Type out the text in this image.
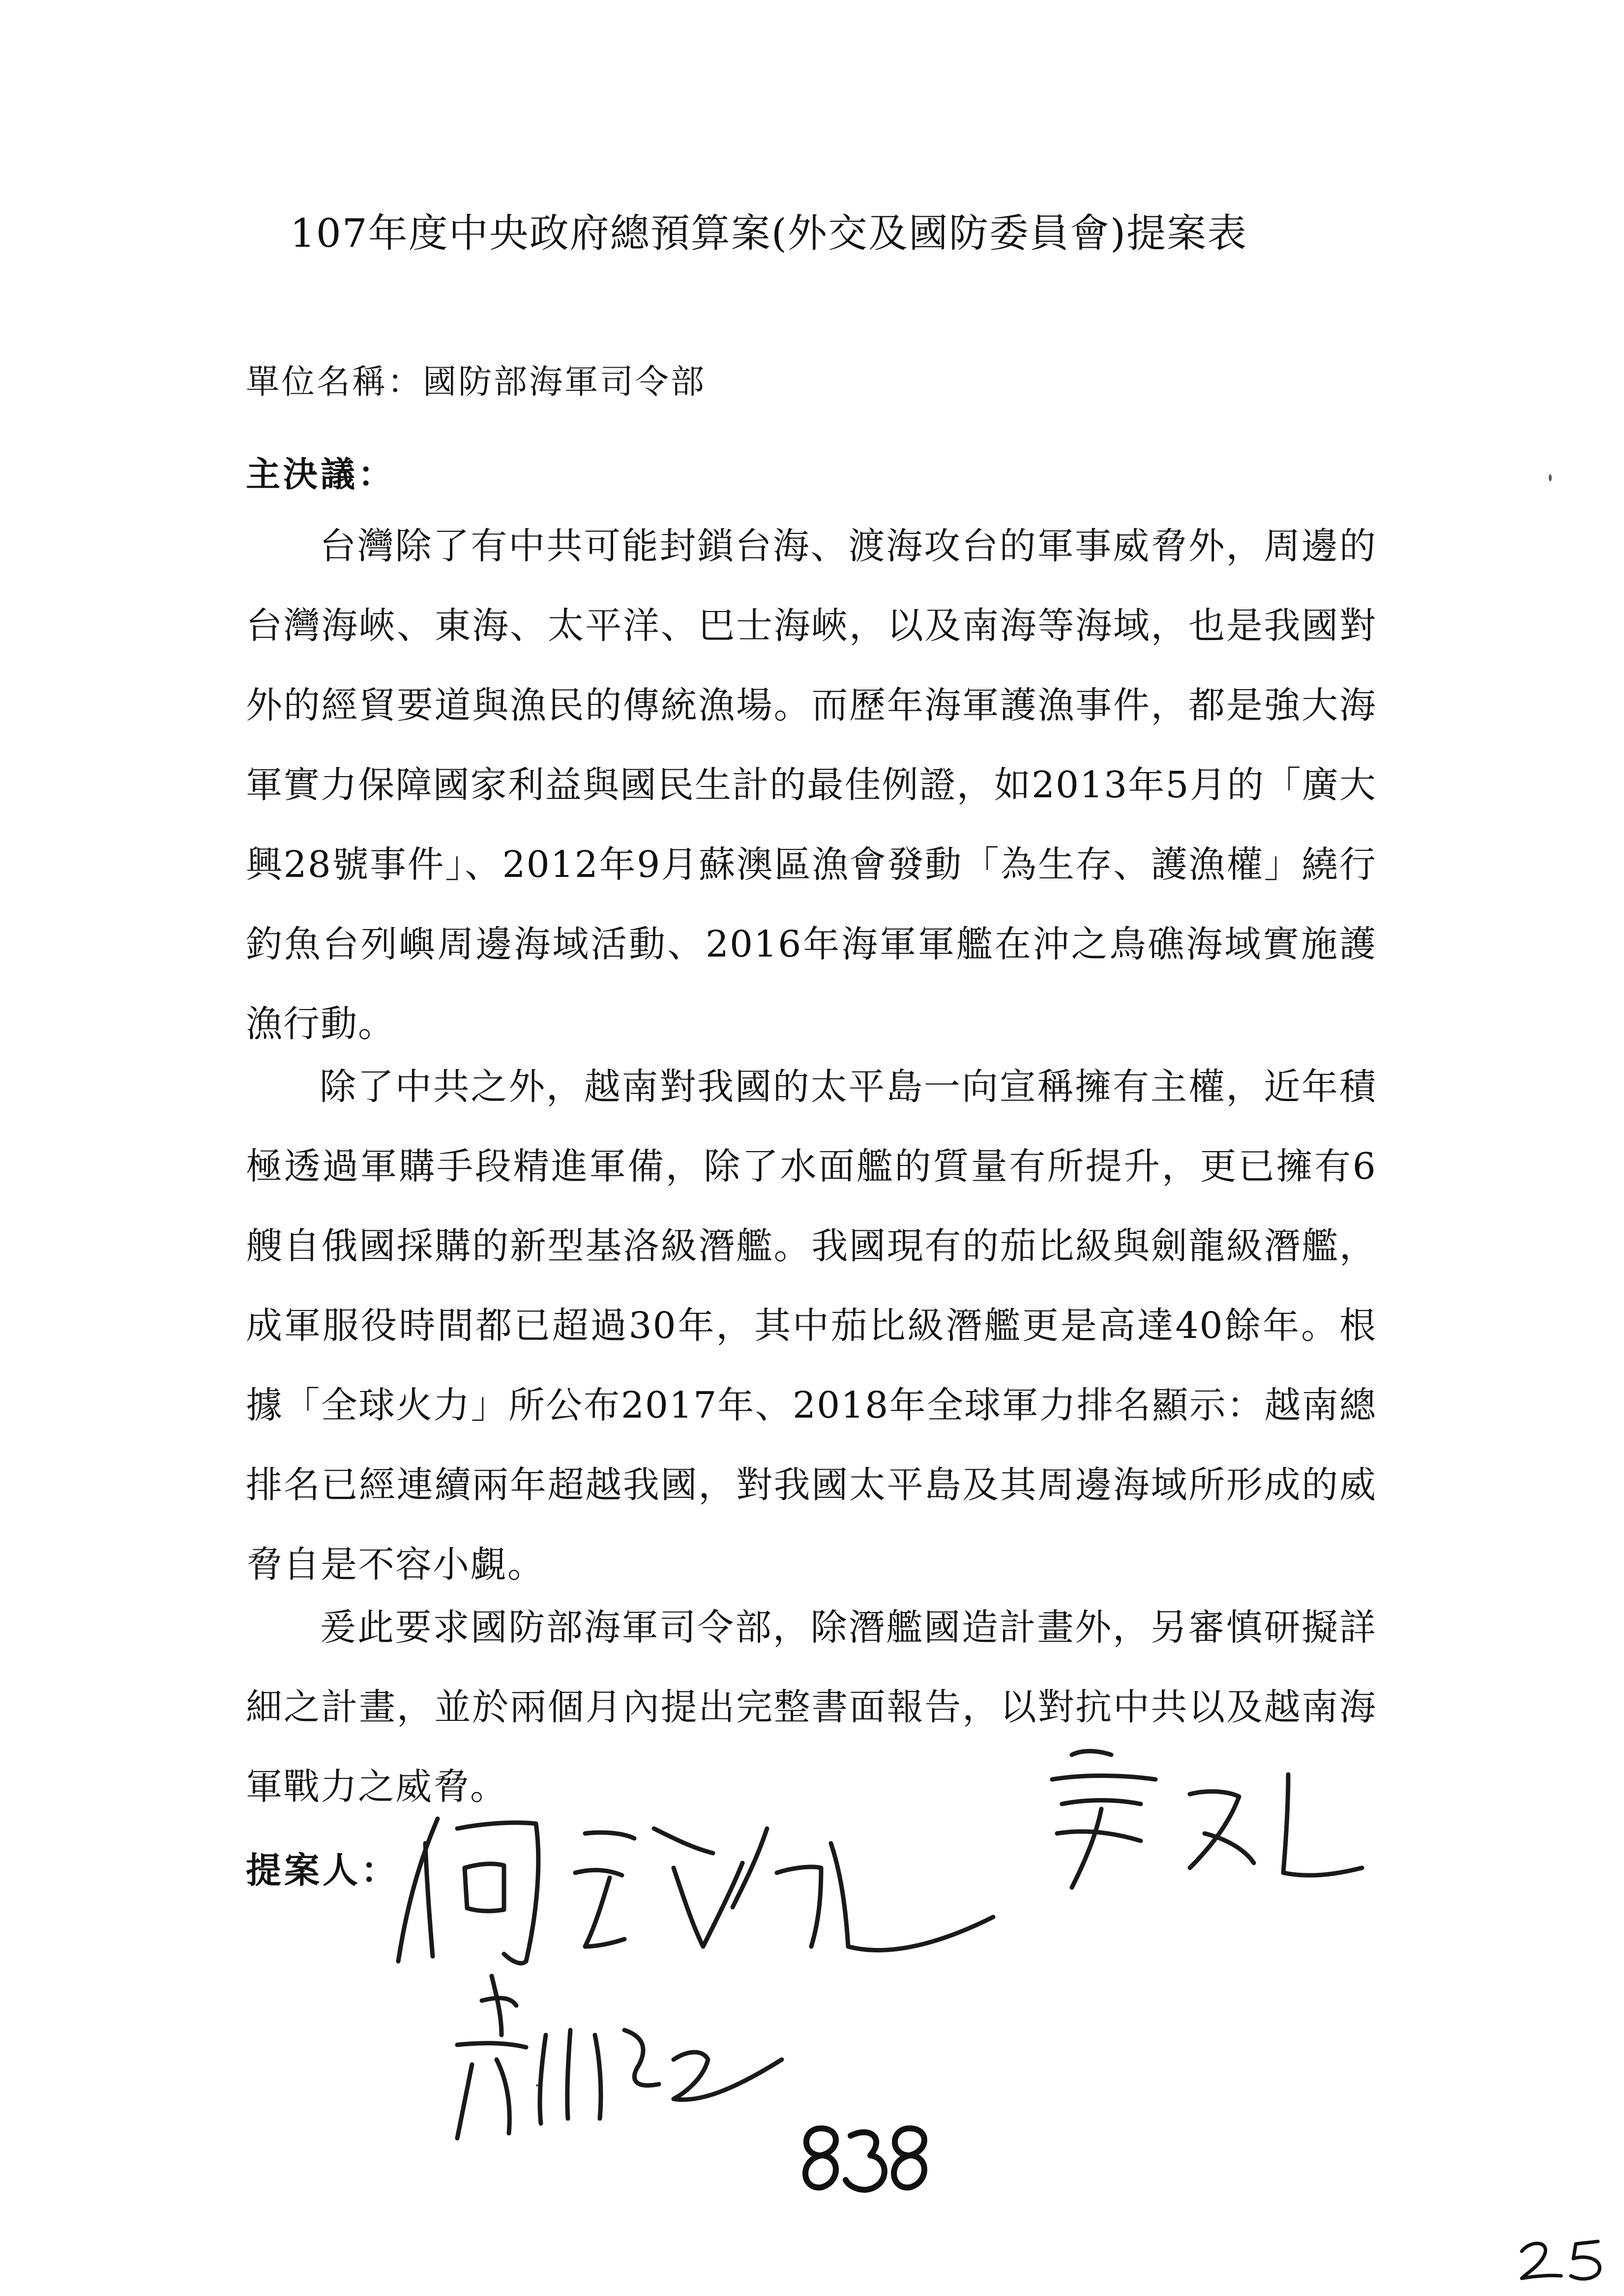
107年度中央政府總預算案(外交及國防委員會)提案表
單位名稱：國防部海軍司令部
主決議：

台灣除了有中共可能封鎖台海、渡海攻台的軍事威脅外，周邊的台灣海峽、東海、太平洋、巴士海峽，以及南海等海域，也是我國對外的經貿要道與漁民的傳統漁場。而歷年海軍護漁事件，都是強大海軍實力保障國家利益與國民生計的最佳例證，如2013年5月的「廣大興28號事件」、2012年9月蘇澳區漁會發動「為生存、護漁權」繞行釣魚台列嶼周邊海域活動、2016年海軍軍艦在沖之鳥礁海域實施護漁行動。

除了中共之外，越南對我國的太平島一向宣稱擁有主權，近年積極透過軍購手段精進軍備，除了水面艦的質量有所提升，更已擁有6艘自俄國採購的新型基洛級潛艦。我國現有的茄比級與劍龍級潛艦，成軍服役時間都已超過30年，其中茄比級潛艦更是高達40餘年。根據「全球火力」所公布2017年、2018年全球軍力排名顯示：越南總排名已經連續兩年超越我國，對我國太平島及其周邊海域所形成的威脅自是不容小覷。

爰此要求國防部海軍司令部，除潛艦國造計畫外，另審慎研擬詳細之計畫，並於兩個月內提出完整書面報告，以對抗中共以及越南海軍戰力之威脅。

提案人：
